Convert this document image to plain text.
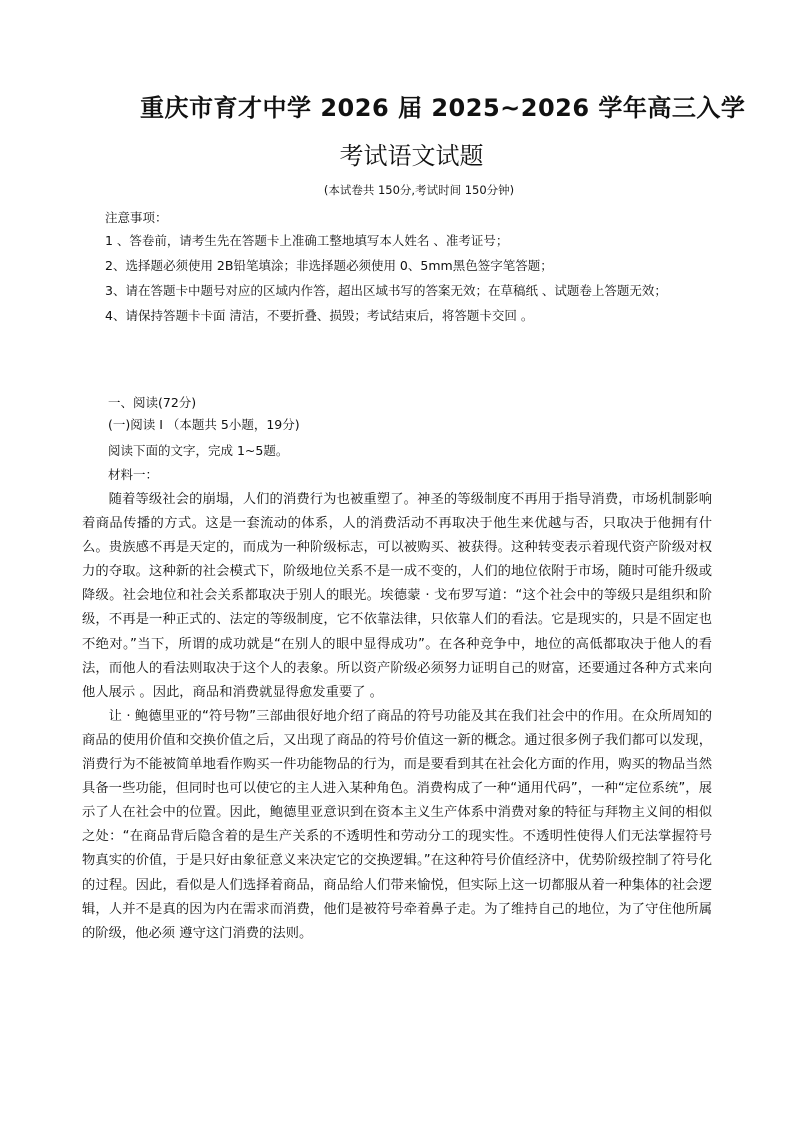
重庆市育才中学 2026 届 2025~2026 学年高三入学
考试语文试题
(本试卷共 150分,考试时间 150分钟)
注意事项：
1 、答卷前，请考生先在答题卡上准确工整地填写本人姓名 、准考证号；
2、选择题必须使用 2B铅笔填涂；非选择题必须使用 0、5mm黑色签字笔答题；
3、请在答题卡中题号对应的区域内作答，超出区域书写的答案无效；在草稿纸 、试题卷上答题无效；
4、请保持答题卡卡面 清洁，不要折叠、损毁；考试结束后，将答题卡交回 。
一、阅读(72分)
(一)阅读 I （本题共 5小题，19分)
阅读下面的文字，完成 1~5题。
材料一：

随着等级社会的崩塌，人们的消费行为也被重塑了。神圣的等级制度不再用于指导消费，市场机制影响着商品传播的方式。这是一套流动的体系，人的消费活动不再取决于他生来优越与否，只取决于他拥有什么。贵族感不再是天定的，而成为一种阶级标志，可以被购买、被获得。这种转变表示着现代资产阶级对权力的夺取。这种新的社会模式下，阶级地位关系不是一成不变的，人们的地位依附于市场，随时可能升级或降级。社会地位和社会关系都取决于别人的眼光。埃德蒙 · 戈布罗写道：“这个社会中的等级只是组织和阶级，不再是一种正式的、法定的等级制度，它不依靠法律，只依靠人们的看法。它是现实的，只是不固定也不绝对。”当下，所谓的成功就是“在别人的眼中显得成功”。在各种竞争中，地位的高低都取决于他人的看法，而他人的看法则取决于这个人的表象。所以资产阶级必须努力证明自己的财富，还要通过各种方式来向他人展示 。因此，商品和消费就显得愈发重要了 。

让 · 鲍德里亚的“符号物”三部曲很好地介绍了商品的符号功能及其在我们社会中的作用。在众所周知的商品的使用价值和交换价值之后，又出现了商品的符号价值这一新的概念。通过很多例子我们都可以发现，消费行为不能被简单地看作购买一件功能物品的行为，而是要看到其在社会化方面的作用，购买的物品当然具备一些功能，但同时也可以使它的主人进入某种角色。消费构成了一种“通用代码”，一种“定位系统”，展示了人在社会中的位置。因此，鲍德里亚意识到在资本主义生产体系中消费对象的特征与拜物主义间的相似之处：“在商品背后隐含着的是生产关系的不透明性和劳动分工的现实性。不透明性使得人们无法掌握符号物真实的价值，于是只好由象征意义来决定它的交换逻辑。”在这种符号价值经济中，优势阶级控制了符号化的过程。因此，看似是人们选择着商品，商品给人们带来愉悦，但实际上这一切都服从着一种集体的社会逻辑，人并不是真的因为内在需求而消费，他们是被符号牵着鼻子走。为了维持自己的地位，为了守住他所属的阶级，他必须 遵守这门消费的法则。
